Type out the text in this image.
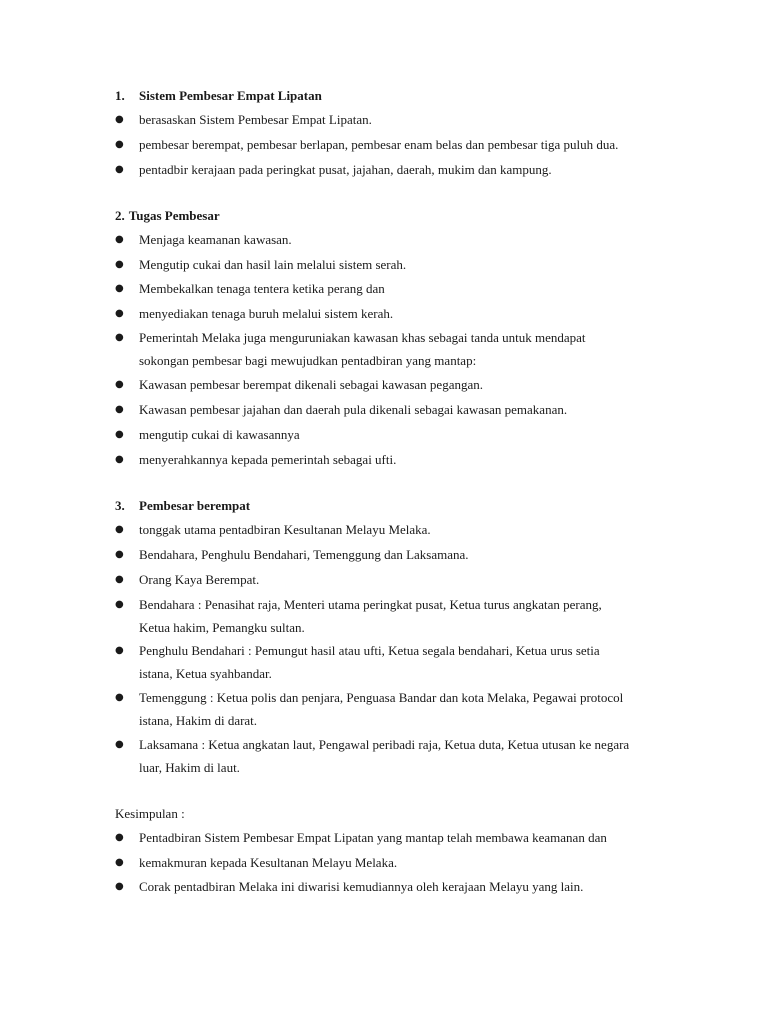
1. Sistem Pembesar Empat Lipatan
●	berasaskan Sistem Pembesar Empat Lipatan.
●	pembesar berempat, pembesar berlapan, pembesar enam belas dan pembesar tiga puluh dua.
●	pentadbir kerajaan pada peringkat pusat, jajahan, daerah, mukim dan kampung.
2. Tugas Pembesar
●	Menjaga keamanan kawasan.
●	Mengutip cukai dan hasil lain melalui sistem serah.
●	Membekalkan tenaga tentera ketika perang dan
●	menyediakan tenaga buruh melalui sistem kerah.
●	Pemerintah Melaka juga menguruniakan kawasan khas sebagai tanda untuk mendapat
sokongan pembesar bagi mewujudkan pentadbiran yang mantap:
●	Kawasan pembesar berempat dikenali sebagai kawasan pegangan.
●	Kawasan pembesar jajahan dan daerah pula dikenali sebagai kawasan pemakanan.
●	mengutip cukai di kawasannya
●	menyerahkannya kepada pemerintah sebagai ufti.
3. Pembesar berempat
●	tonggak utama pentadbiran Kesultanan Melayu Melaka.
●	Bendahara, Penghulu Bendahari, Temenggung dan Laksamana.
●	Orang Kaya Berempat.
●	Bendahara : Penasihat raja, Menteri utama peringkat pusat, Ketua turus angkatan perang,
Ketua hakim, Pemangku sultan.
●	Penghulu Bendahari : Pemungut hasil atau ufti, Ketua segala bendahari, Ketua urus setia
istana, Ketua syahbandar.
●	Temenggung : Ketua polis dan penjara, Penguasa Bandar dan kota Melaka, Pegawai protocol
istana, Hakim di darat.
●	Laksamana : Ketua angkatan laut, Pengawal peribadi raja, Ketua duta, Ketua utusan ke negara
luar, Hakim di laut.
Kesimpulan :
●	Pentadbiran Sistem Pembesar Empat Lipatan yang mantap telah membawa keamanan dan
●	kemakmuran kepada Kesultanan Melayu Melaka.
●	Corak pentadbiran Melaka ini diwarisi kemudiannya oleh kerajaan Melayu yang lain.
